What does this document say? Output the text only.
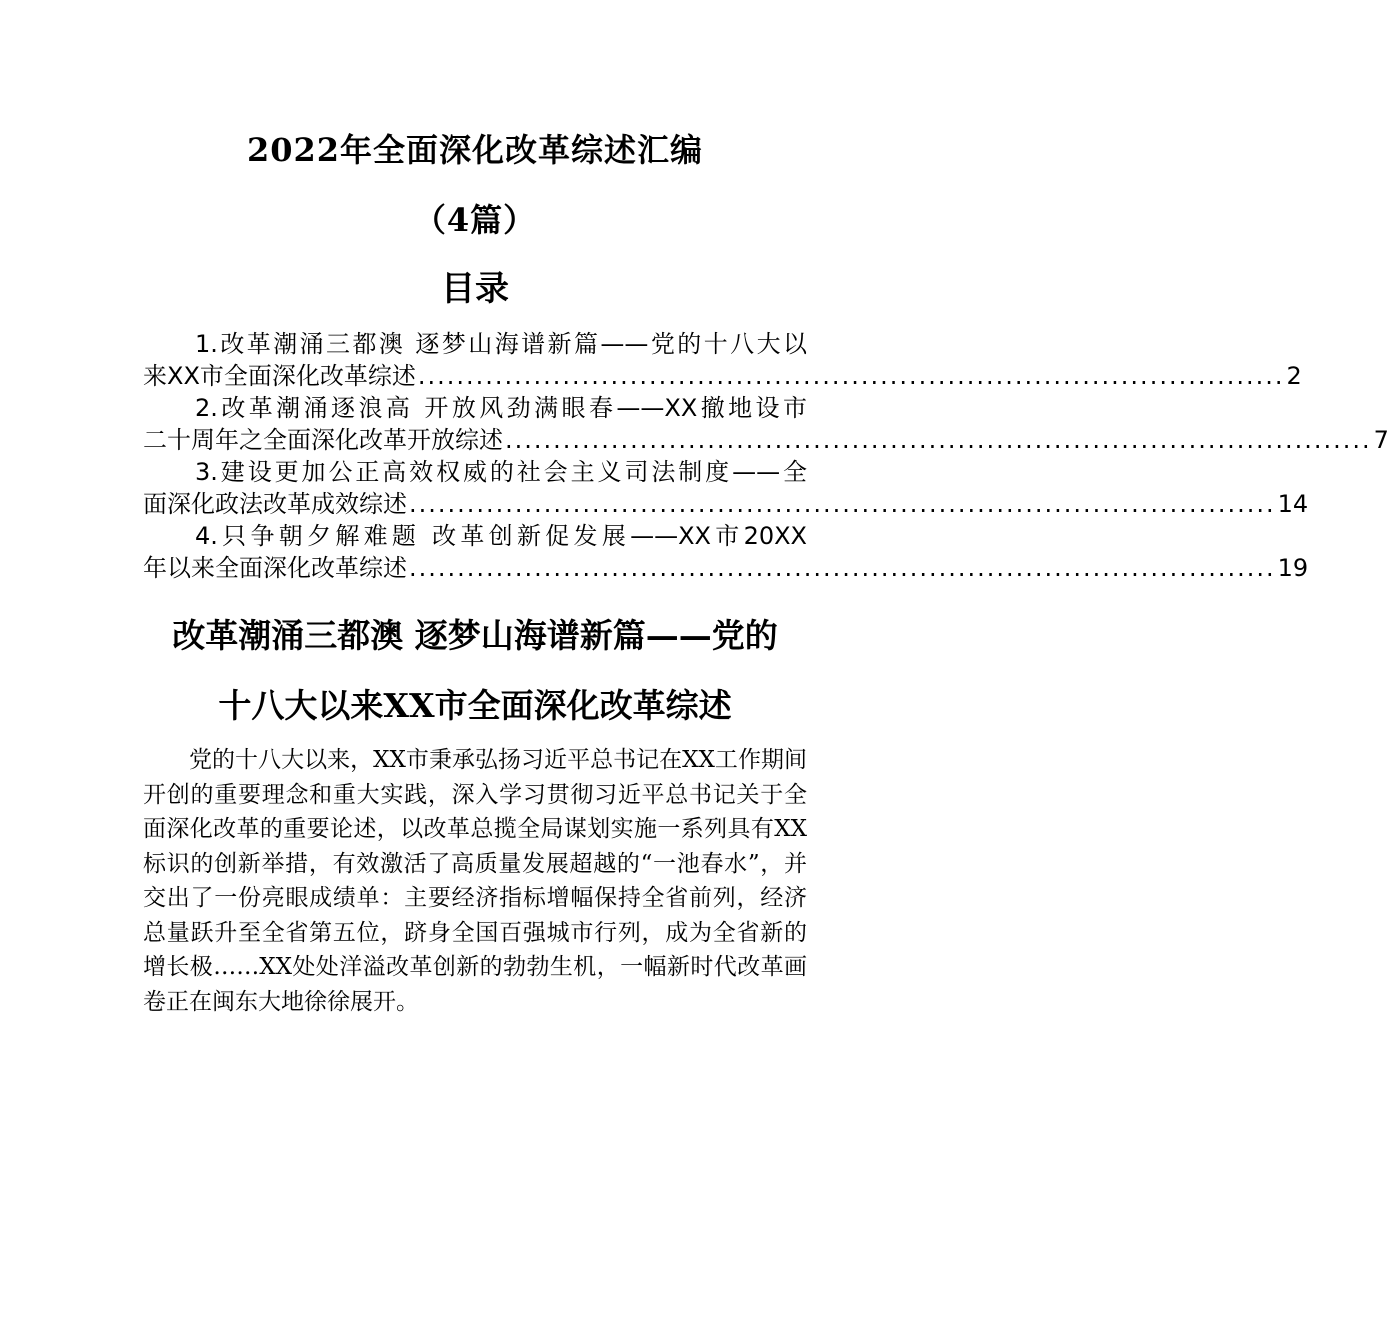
2022年全面深化改革综述汇编
（4篇）
目录
1.改革潮涌三都澳 逐梦山海谱新篇——党的十八大以
来XX市全面深化改革综述 .......................................................................................... 2
2.改革潮涌逐浪高 开放风劲满眼春——XX撤地设市
二十周年之全面深化改革开放综述 .......................................................................................... 7
3.建设更加公正高效权威的社会主义司法制度——全
面深化政法改革成效综述 .......................................................................................... 14
4.只争朝夕解难题 改革创新促发展——XX市20XX
年以来全面深化改革综述 .......................................................................................... 19
改革潮涌三都澳 逐梦山海谱新篇——党的
十八大以来XX市全面深化改革综述

党的十八大以来，XX市秉承弘扬习近平总书记在XX工作期间开创的重要理念和重大实践，深入学习贯彻习近平总书记关于全面深化改革的重要论述，以改革总揽全局谋划实施一系列具有XX标识的创新举措，有效激活了高质量发展超越的“一池春水”，并交出了一份亮眼成绩单：主要经济指标增幅保持全省前列，经济总量跃升至全省第五位，跻身全国百强城市行列，成为全省新的增长极……XX处处洋溢改革创新的勃勃生机，一幅新时代改革画卷正在闽东大地徐徐展开。
